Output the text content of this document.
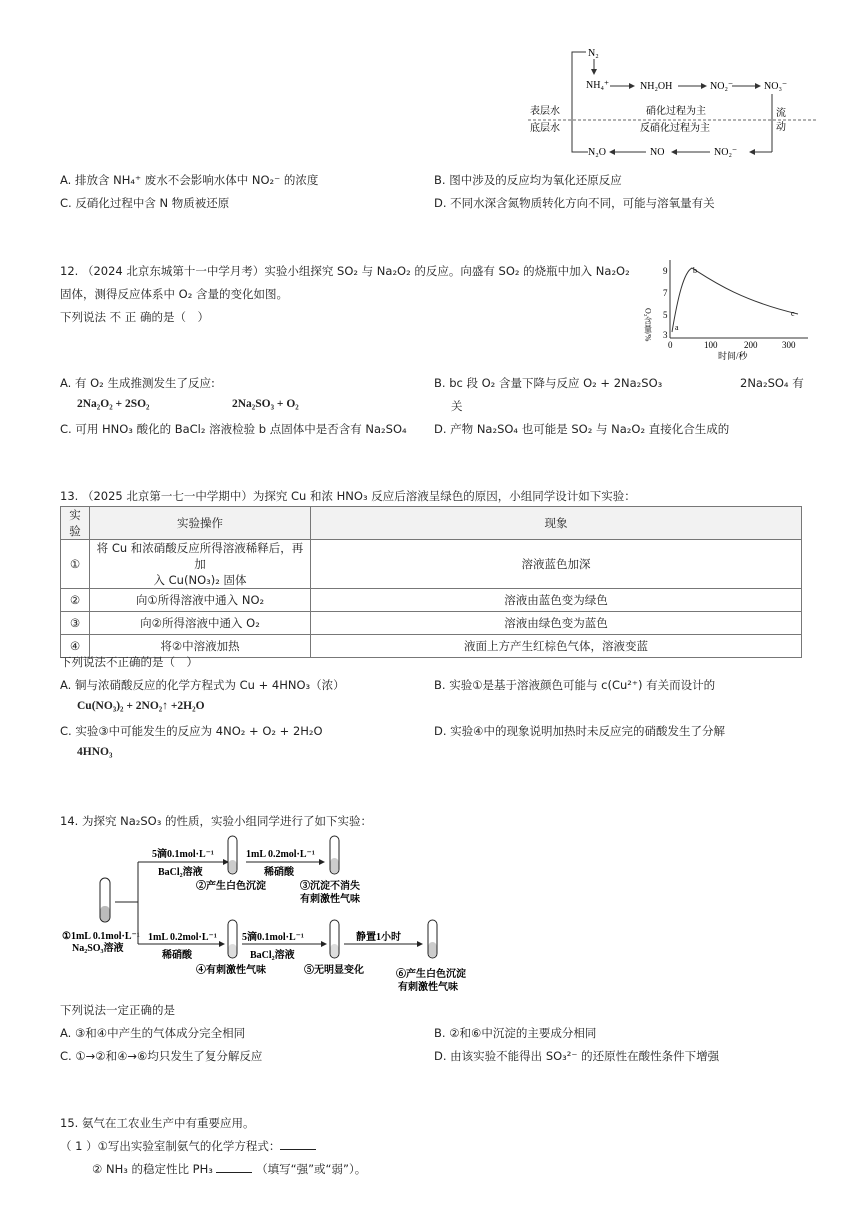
N₂
NH₄⁺	NH₂OH	NO₂⁻	NO₃⁻
表层水
底层水
硝化过程为主
反硝化过程为主
流
动
NO₂⁻
NO
N₂O
A. 排放含 NH₄⁺ 废水不会影响水体中 NO₂⁻ 的浓度	B. 图中涉及的反应均为氧化还原反应
C. 反硝化过程中含 N 物质被还原	D. 不同水深含氮物质转化方向不同，可能与溶氧量有关
12. （2024 北京东城第十一中学月考）实验小组探究 SO₂ 与 Na₂O₂ 的反应。向盛有 SO₂ 的烧瓶中加入 Na₂O₂
固体，测得反应体系中 O₂ 含量的变化如图。
下列说法 不 正 确的是（　）	O₂含量/%
9
7
5
3
0	100	200	300
时间/秒
a
b
c
A. 有 O₂ 生成推测发生了反应:
2Na₂O₂ + 2SO₂	2Na₂SO₃ + O₂
B. bc 段 O₂ 含量下降与反应 O₂ + 2Na₂SO₃	2Na₂SO₄ 有
关
C. 可用 HNO₃ 酸化的 BaCl₂ 溶液检验 b 点固体中是否含有 Na₂SO₄ D. 产物 Na₂SO₄ 也可能是 SO₂ 与 Na₂O₂ 直接化合生成的
13. （2025 北京第一七一中学期中）为探究 Cu 和浓 HNO₃ 反应后溶液呈绿色的原因，小组同学设计如下实验：
实验	实验操作	现象
①	将 Cu 和浓硝酸反应所得溶液稀释后，再加
入 Cu(NO₃)₂ 固体	溶液蓝色加深
②	向①所得溶液中通入 NO₂	溶液由蓝色变为绿色
③	向②所得溶液中通入 O₂	溶液由绿色变为蓝色
④	将②中溶液加热	液面上方产生红棕色气体，溶液变蓝
下列说法不正确的是（　）
A. 铜与浓硝酸反应的化学方程式为 Cu + 4HNO₃（浓）
Cu(NO₃)₂ + 2NO₂↑ +2H₂O
B. 实验①是基于溶液颜色可能与 c(Cu²⁺) 有关而设计的
C. 实验③中可能发生的反应为 4NO₂ + O₂ + 2H₂O
4HNO₃
D. 实验④中的现象说明加热时未反应完的硝酸发生了分解
14. 为探究 Na₂SO₃ 的性质，实验小组同学进行了如下实验：
①1mL 0.1mol·L⁻¹
Na₂SO₃溶液
5滴0.1mol·L⁻¹
BaCl₂溶液
②产生白色沉淀
1mL 0.2mol·L⁻¹
稀硝酸
③沉淀不消失
有刺激性气味
1mL 0.2mol·L⁻¹
稀硝酸
④有刺激性气味
5滴0.1mol·L⁻¹
BaCl₂溶液
⑤无明显变化
静置1小时
⑥产生白色沉淀
有刺激性气味
下列说法一定正确的是
A. ③和④中产生的气体成分完全相同	B. ②和⑥中沉淀的主要成分相同
C. ①→②和④→⑥均只发生了复分解反应	D. 由该实验不能得出 SO₃²⁻ 的还原性在酸性条件下增强
15. 氨气在工农业生产中有重要应用。
（ 1 ）①写出实验室制氨气的化学方程式：
② NH₃ 的稳定性比 PH₃	（填写“强”或“弱”）。
